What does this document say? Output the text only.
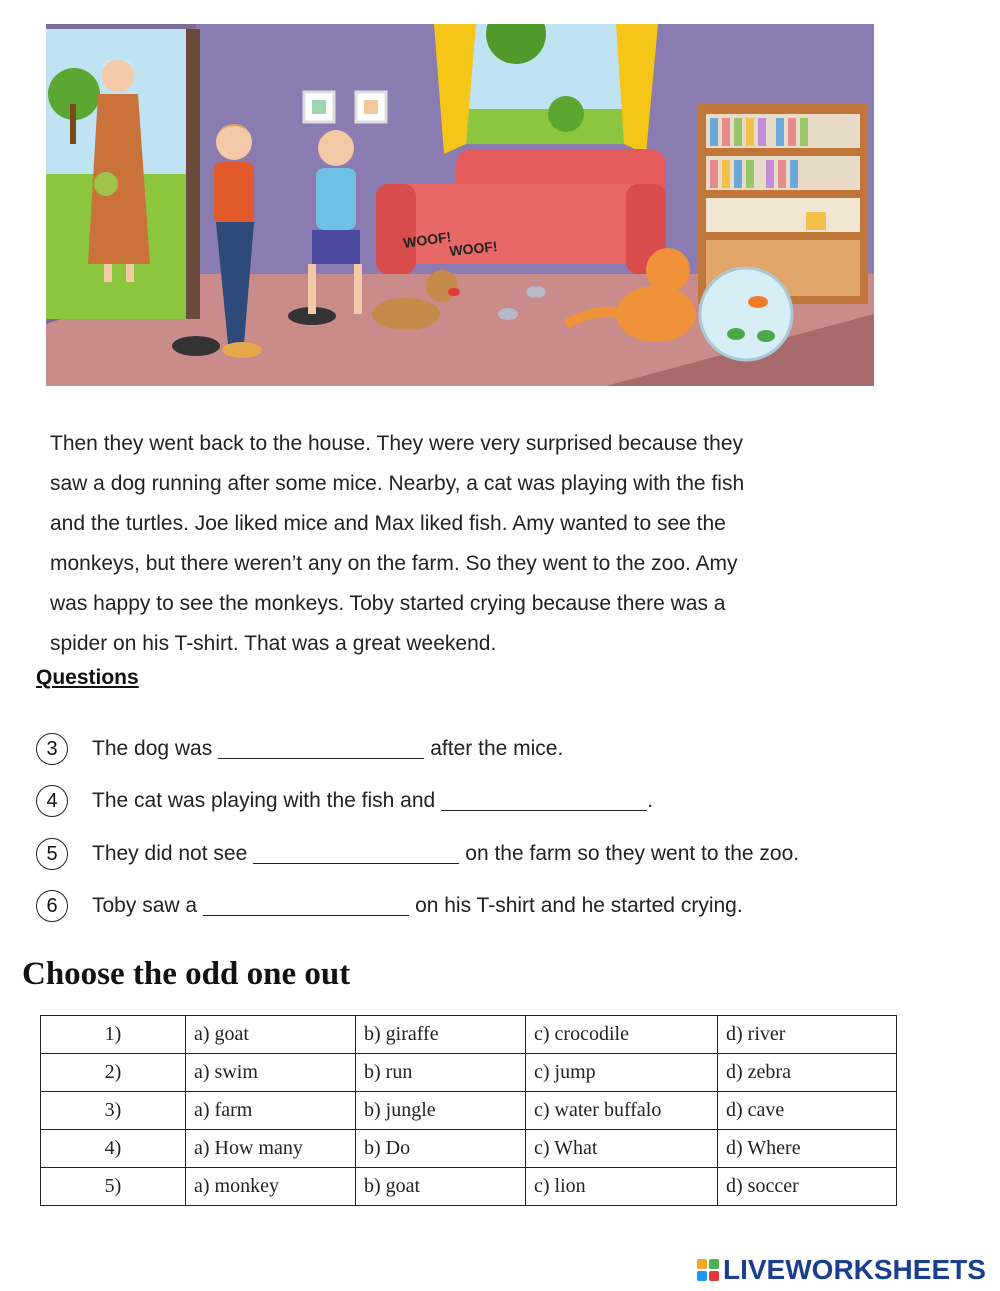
WOOF!
WOOF!
Then they went back to the house. They were very surprised because they
saw a dog running after some mice. Nearby, a cat was playing with the fish
and the turtles. Joe liked mice and Max liked fish. Amy wanted to see the
monkeys, but there weren’t any on the farm. So they went to the zoo. Amy
was happy to see the monkeys. Toby started crying because there was a
spider on his T-shirt. That was a great weekend.
Questions
3	The dog was	after the mice.
4	The cat was playing with the fish and	.
5	They did not see	on the farm so they went to the zoo.
6	Toby saw a	on his T-shirt and he started crying.
Choose the odd one out
1)	a) goat	b) giraffe	c) crocodile	d) river
2)	a) swim	b) run	c) jump	d) zebra
3)	a) farm	b) jungle	c) water buffalo	d) cave
4)	a) How many	b) Do	c) What	d) Where
5)	a) monkey	b) goat	c) lion	d) soccer
LIVEWORKSHEETS
